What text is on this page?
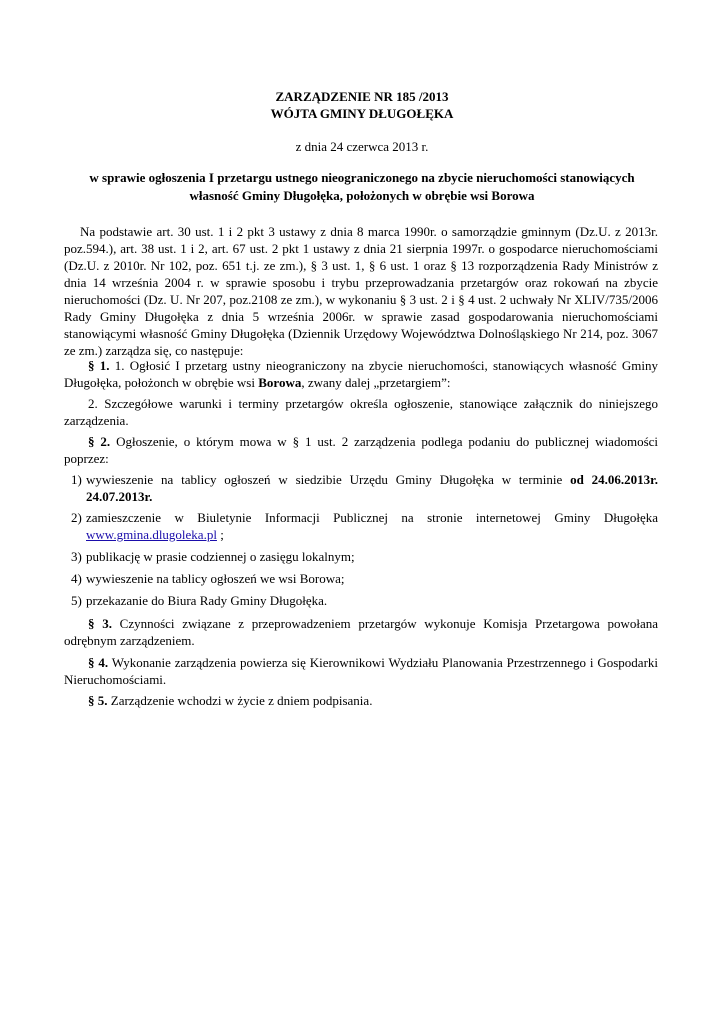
ZARZĄDZENIE NR 185 /2013
WÓJTA GMINY DŁUGOŁĘKA
z dnia 24 czerwca 2013 r.
w sprawie ogłoszenia I przetargu ustnego nieograniczonego na zbycie nieruchomości stanowiących
własność Gminy Długołęka, położonych w obrębie wsi Borowa
Na podstawie art. 30 ust. 1 i 2 pkt 3 ustawy z dnia 8 marca 1990r. o samorządzie gminnym (Dz.U. z 2013r. poz.594.), art. 38 ust. 1 i 2, art. 67 ust. 2 pkt 1 ustawy z dnia 21 sierpnia 1997r. o gospodarce nieruchomościami (Dz.U. z 2010r. Nr 102, poz. 651 t.j. ze zm.), § 3 ust. 1, § 6 ust. 1 oraz § 13 rozporządzenia Rady Ministrów z dnia 14 września 2004 r. w sprawie sposobu i trybu przeprowadzania przetargów oraz rokowań na zbycie nieruchomości (Dz. U. Nr 207, poz.2108 ze zm.), w wykonaniu § 3 ust. 2 i § 4 ust. 2 uchwały Nr XLIV/735/2006 Rady Gminy Długołęka z dnia 5 września 2006r. w sprawie zasad gospodarowania nieruchomościami stanowiącymi własność Gminy Długołęka (Dziennik Urzędowy Województwa Dolnośląskiego Nr 214, poz. 3067 ze zm.) zarządza się, co następuje:
§ 1. 1. Ogłosić I przetarg ustny nieograniczony na zbycie nieruchomości, stanowiących własność Gminy Długołęka, położonch w obrębie wsi Borowa, zwany dalej „przetargiem”:
2. Szczegółowe warunki i terminy przetargów określa ogłoszenie, stanowiące załącznik do niniejszego zarządzenia.
§ 2. Ogłoszenie, o którym mowa w § 1 ust. 2 zarządzenia podlega podaniu do publicznej wiadomości poprzez:
1) wywieszenie na tablicy ogłoszeń w siedzibie Urzędu Gminy Długołęka w terminie od 24.06.2013r. 24.07.2013r.
2) zamieszczenie w Biuletynie Informacji Publicznej na stronie internetowej Gminy Długołęka www.gmina.dlugoleka.pl ;
3) publikację w prasie codziennej o zasięgu lokalnym;
4) wywieszenie na tablicy ogłoszeń we wsi Borowa;
5) przekazanie do Biura Rady Gminy Długołęka.
§ 3. Czynności związane z przeprowadzeniem przetargów wykonuje Komisja Przetargowa powołana odrębnym zarządzeniem.
§ 4. Wykonanie zarządzenia powierza się Kierownikowi Wydziału Planowania Przestrzennego i Gospodarki Nieruchomościami.
§ 5. Zarządzenie wchodzi w życie z dniem podpisania.
